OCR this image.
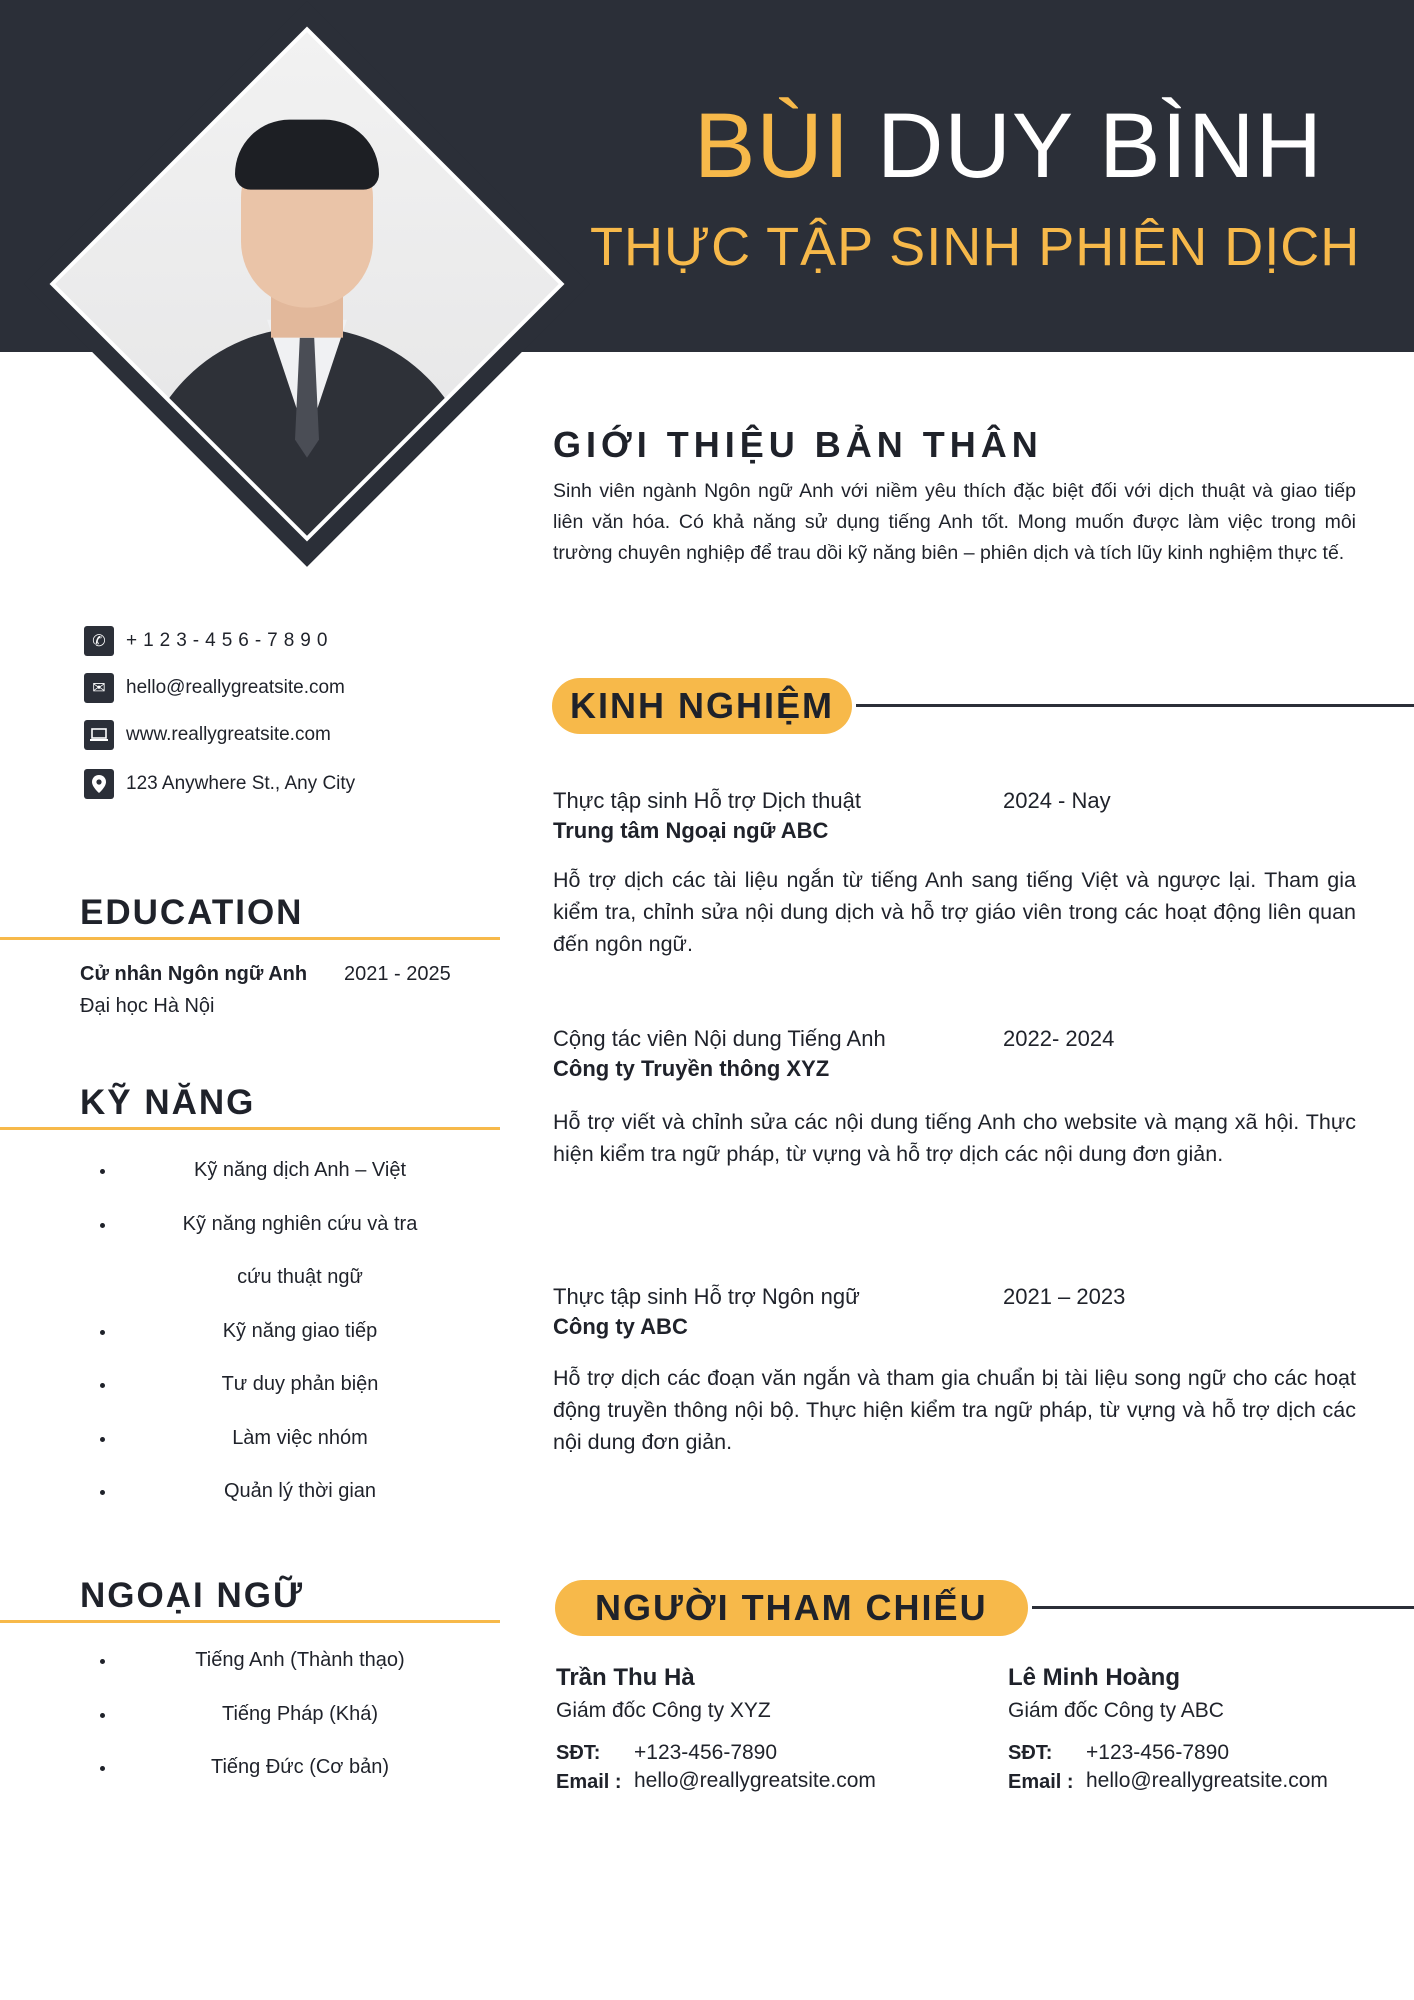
BÙI DUY BÌNH
THỰC TẬP SINH PHIÊN DỊCH
✆	+123-456-7890
✉	hello@reallygreatsite.com
www.reallygreatsite.com
123 Anywhere St., Any City
EDUCATION
Cử nhân Ngôn ngữ Anh 2021 - 2025
Đại học Hà Nội
KỸ NĂNG
Kỹ năng dịch Anh – Việt
Kỹ năng nghiên cứu và tra
cứu thuật ngữ
Kỹ năng giao tiếp
Tư duy phản biện
Làm việc nhóm
Quản lý thời gian
NGOẠI NGỮ
Tiếng Anh (Thành thạo)
Tiếng Pháp (Khá)
Tiếng Đức (Cơ bản)
GIỚI THIỆU BẢN THÂN
Sinh viên ngành Ngôn ngữ Anh với niềm yêu thích đặc biệt đối với dịch thuật và giao tiếp liên văn hóa. Có khả năng sử dụng tiếng Anh tốt. Mong muốn được làm việc trong môi trường chuyên nghiệp để trau dồi kỹ năng biên – phiên dịch và tích lũy kinh nghiệm thực tế.
KINH NGHIỆM
Thực tập sinh Hỗ trợ Dịch thuật	2024 - Nay
Trung tâm Ngoại ngữ ABC
Hỗ trợ dịch các tài liệu ngắn từ tiếng Anh sang tiếng Việt và ngược lại. Tham gia kiểm tra, chỉnh sửa nội dung dịch và hỗ trợ giáo viên trong các hoạt động liên quan đến ngôn ngữ.
Cộng tác viên Nội dung Tiếng Anh	2022- 2024
Công ty Truyền thông XYZ
Hỗ trợ viết và chỉnh sửa các nội dung tiếng Anh cho website và mạng xã hội. Thực hiện kiểm tra ngữ pháp, từ vựng và hỗ trợ dịch các nội dung đơn giản.
Thực tập sinh Hỗ trợ Ngôn ngữ	2021 – 2023
Công ty ABC
Hỗ trợ dịch các đoạn văn ngắn và tham gia chuẩn bị tài liệu song ngữ cho các hoạt động truyền thông nội bộ. Thực hiện kiểm tra ngữ pháp, từ vựng và hỗ trợ dịch các nội dung đơn giản.
NGƯỜI THAM CHIẾU
Trần Thu Hà
Giám đốc Công ty XYZ
SĐT: +123-456-7890
Email : hello@reallygreatsite.com
Lê Minh Hoàng
Giám đốc Công ty ABC
SĐT: +123-456-7890
Email : hello@reallygreatsite.com
